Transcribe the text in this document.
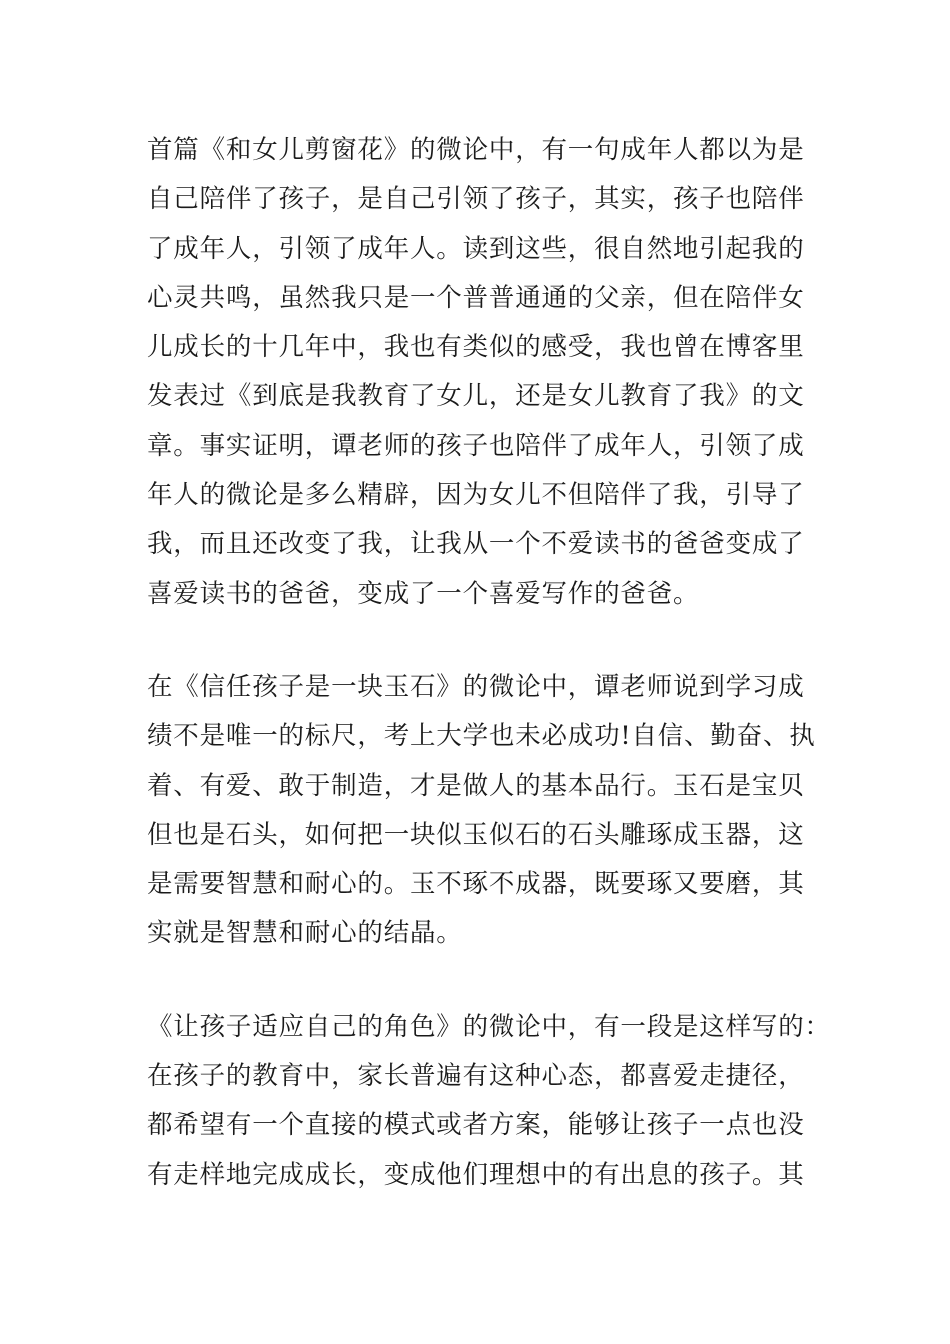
首篇《和女儿剪窗花》的微论中，有一句成年人都以为是
自己陪伴了孩子，是自己引领了孩子，其实，孩子也陪伴
了成年人，引领了成年人。读到这些，很自然地引起我的
心灵共鸣，虽然我只是一个普普通通的父亲，但在陪伴女
儿成长的十几年中，我也有类似的感受，我也曾在博客里
发表过《到底是我教育了女儿，还是女儿教育了我》的文
章。事实证明，谭老师的孩子也陪伴了成年人，引领了成
年人的微论是多么精辟，因为女儿不但陪伴了我，引导了
我，而且还改变了我，让我从一个不爱读书的爸爸变成了
喜爱读书的爸爸，变成了一个喜爱写作的爸爸。

在《信任孩子是一块玉石》的微论中，谭老师说到学习成
绩不是唯一的标尺，考上大学也未必成功!自信、勤奋、执
着、有爱、敢于制造，才是做人的基本品行。玉石是宝贝
但也是石头，如何把一块似玉似石的石头雕琢成玉器，这
是需要智慧和耐心的。玉不琢不成器，既要琢又要磨，其
实就是智慧和耐心的结晶。

《让孩子适应自己的角色》的微论中，有一段是这样写的：
在孩子的教育中，家长普遍有这种心态，都喜爱走捷径，
都希望有一个直接的模式或者方案，能够让孩子一点也没
有走样地完成成长，变成他们理想中的有出息的孩子。其
